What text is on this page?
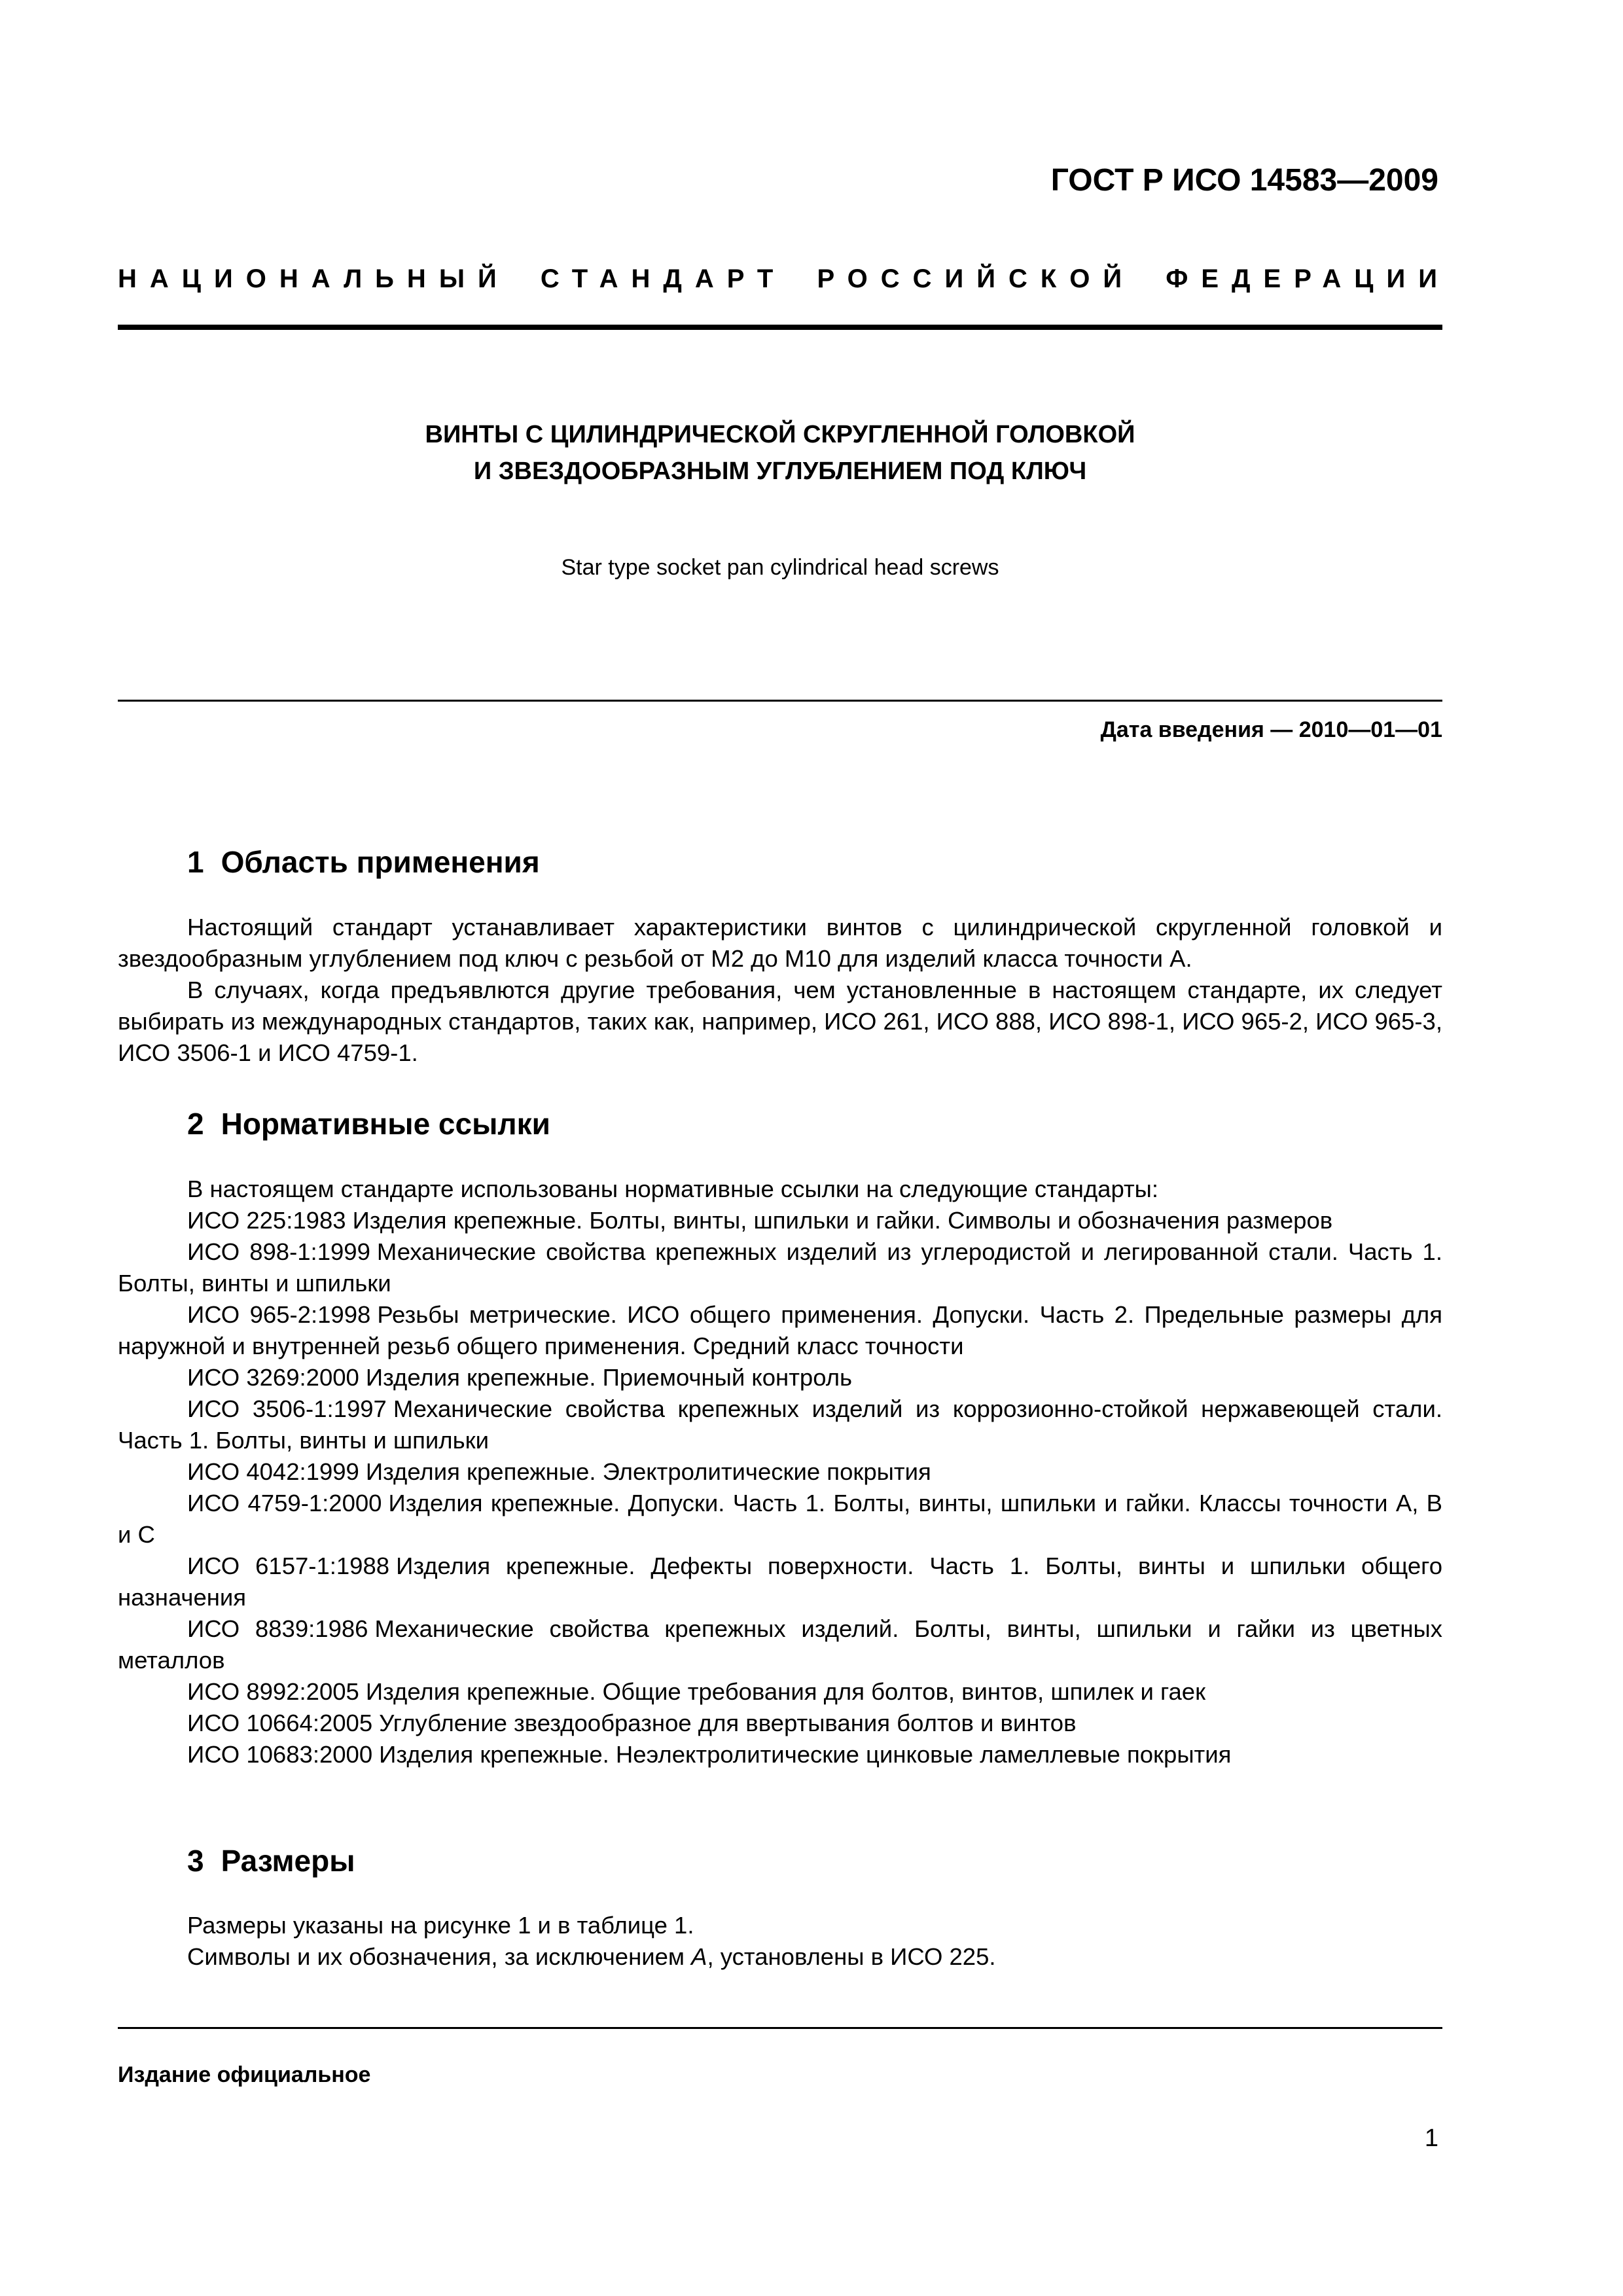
ГОСТ Р ИСО 14583—2009
НАЦИОНАЛЬНЫЙ СТАНДАРТ РОССИЙСКОЙ ФЕДЕРАЦИИ
ВИНТЫ С ЦИЛИНДРИЧЕСКОЙ СКРУГЛЕННОЙ ГОЛОВКОЙ
И ЗВЕЗДООБРАЗНЫМ УГЛУБЛЕНИЕМ ПОД КЛЮЧ
Star type socket pan cylindrical head screws
Дата введения — 2010—01—01
1 Область применения

Настоящий стандарт устанавливает характеристики винтов с цилиндрической скругленной головкой и звездообразным углублением под ключ с резьбой от М2 до М10 для изделий класса точности А.

В случаях, когда предъявлются другие требования, чем установленные в настоящем стандарте, их следует выбирать из международных стандартов, таких как, например, ИСО 261, ИСО 888, ИСО 898-1, ИСО 965-2, ИСО 965-3, ИСО 3506-1 и ИСО 4759-1.

2 Нормативные ссылки

В настоящем стандарте использованы нормативные ссылки на следующие стандарты:

ИСО 225:1983 Изделия крепежные. Болты, винты, шпильки и гайки. Символы и обозначения размеров

ИСО 898-1:1999 Механические свойства крепежных изделий из углеродистой и легированной стали. Часть 1. Болты, винты и шпильки

ИСО 965-2:1998 Резьбы метрические. ИСО общего применения. Допуски. Часть 2. Предельные размеры для наружной и внутренней резьб общего применения. Средний класс точности

ИСО 3269:2000 Изделия крепежные. Приемочный контроль

ИСО 3506-1:1997 Механические свойства крепежных изделий из коррозионно-стойкой нержавеющей стали. Часть 1. Болты, винты и шпильки

ИСО 4042:1999 Изделия крепежные. Электролитические покрытия

ИСО 4759-1:2000 Изделия крепежные. Допуски. Часть 1. Болты, винты, шпильки и гайки. Классы точности А, В и С

ИСО 6157-1:1988 Изделия крепежные. Дефекты поверхности. Часть 1. Болты, винты и шпильки общего назначения

ИСО 8839:1986 Механические свойства крепежных изделий. Болты, винты, шпильки и гайки из цветных металлов

ИСО 8992:2005 Изделия крепежные. Общие требования для болтов, винтов, шпилек и гаек

ИСО 10664:2005 Углубление звездообразное для ввертывания болтов и винтов

ИСО 10683:2000 Изделия крепежные. Неэлектролитические цинковые ламеллевые покрытия

3 Размеры

Размеры указаны на рисунке 1 и в таблице 1.

Символы и их обозначения, за исключением А, установлены в ИСО 225.

Издание официальное
1
